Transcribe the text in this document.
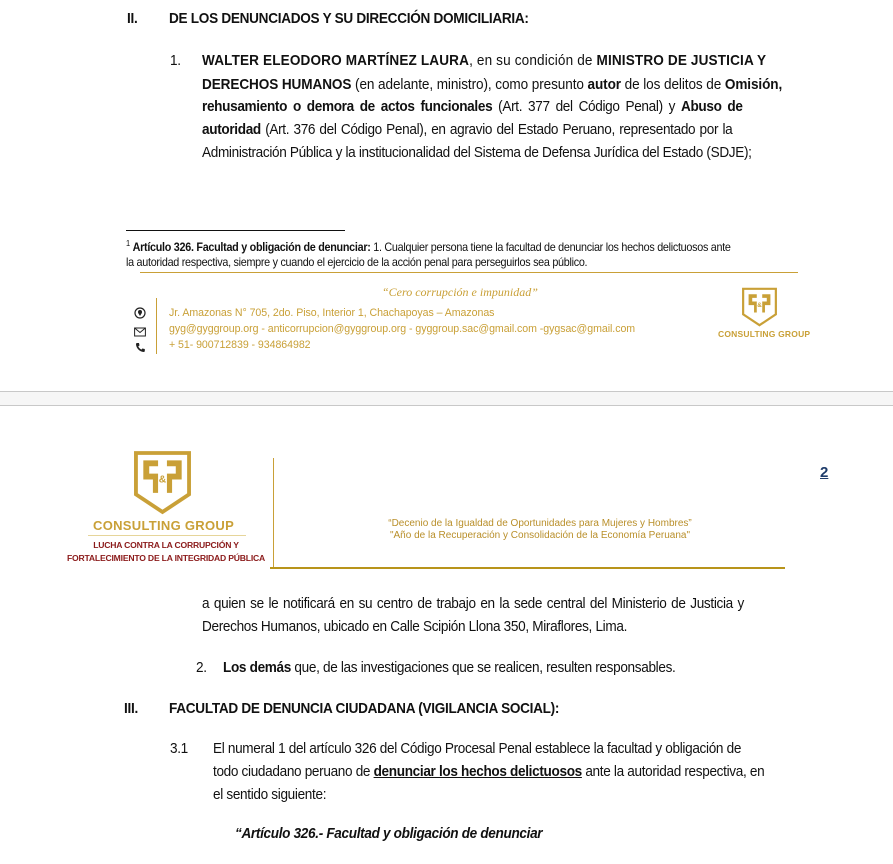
II. DE LOS DENUNCIADOS Y SU DIRECCIÓN DOMICILIARIA:
1. WALTER ELEODORO MARTÍNEZ LAURA, en su condición de MINISTRO DE JUSTICIA Y
DERECHOS HUMANOS (en adelante, ministro), como presunto autor de los delitos de Omisión,
rehusamiento o demora de actos funcionales (Art. 377 del Código Penal) y Abuso de
autoridad (Art. 376 del Código Penal), en agravio del Estado Peruano, representado por la
Administración Pública y la institucionalidad del Sistema de Defensa Jurídica del Estado (SDJE);
$^1$ Artículo 326. Facultad y obligación de denunciar: 1. Cualquier persona tiene la facultad de denunciar los hechos delictuosos ante
la autoridad respectiva, siempre y cuando el ejercicio de la acción penal para perseguirlos sea público.
“Cero corrupción e impunidad”
Jr. Amazonas N° 705, 2do. Piso, Interior 1, Chachapoyas – Amazonas
gyg@gyggroup.org - anticorrupcion@gyggroup.org - gyggroup.sac@gmail.com -gygsac@gmail.com
+ 51- 900712839 - 934864982
&
CONSULTING GROUP
&
CONSULTING GROUP
LUCHA CONTRA LA CORRUPCIÓN Y
FORTALECIMIENTO DE LA INTEGRIDAD PÚBLICA
“Decenio de la Igualdad de Oportunidades para Mujeres y Hombres”
"Año de la Recuperación y Consolidación de la Economía Peruana"
2
a quien se le notificará en su centro de trabajo en la sede central del Ministerio de Justicia y
Derechos Humanos, ubicado en Calle Scipión Llona 350, Miraflores, Lima.
2. Los demás que, de las investigaciones que se realicen, resulten responsables.
III. FACULTAD DE DENUNCIA CIUDADANA (VIGILANCIA SOCIAL):
3.1 El numeral 1 del artículo 326 del Código Procesal Penal establece la facultad y obligación de
todo ciudadano peruano de denunciar los hechos delictuosos ante la autoridad respectiva, en
el sentido siguiente:
“Artículo 326.- Facultad y obligación de denunciar
